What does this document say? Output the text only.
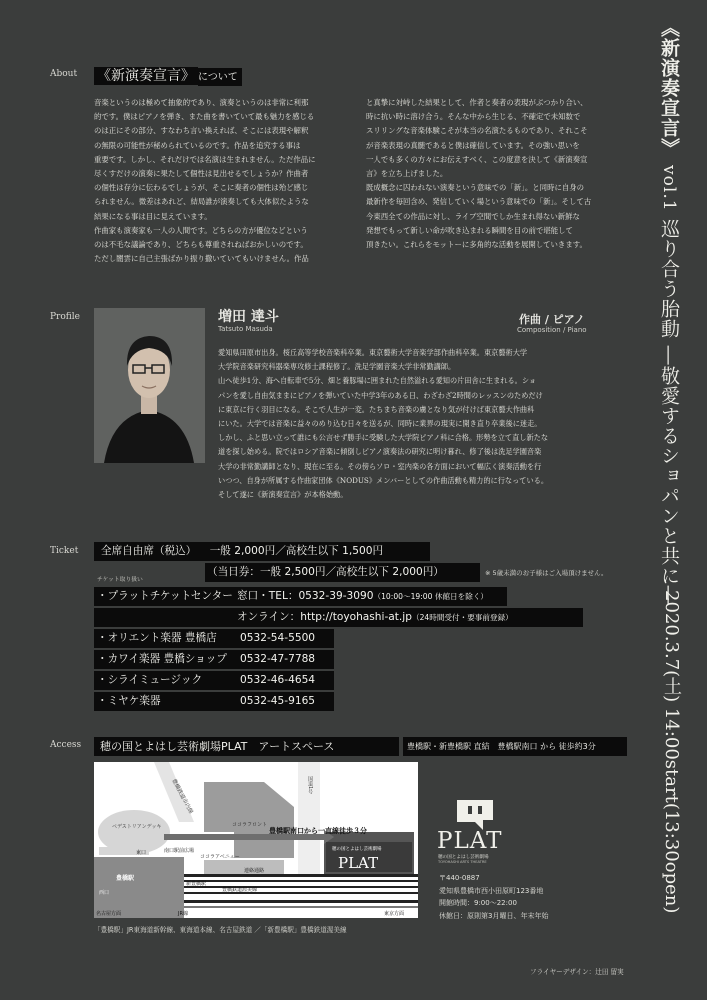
《新演奏宣言》 vol.1 巡り合う胎動 ―敬愛するショパンと共に―
2020.3.7(土) 14:00start(13:30open)
About 《新演奏宣言》 について

音楽というのは極めて抽象的であり、演奏というのは非常に利那

的です。僕はピアノを弾き、また曲を書いていて最も魅力を感じる

のは正にその部分、すなわち言い換えれば、そこには表現や解釈

の無限の可能性が秘められているのです。作品を追究する事は

重要です。しかし、それだけでは名演は生まれません。ただ作品に

尽くすだけの演奏に果たして個性は見出せるでしょうか？作曲者

の個性は存分に伝わるでしょうが、そこに奏者の個性は殆ど感じ

られません。微差はあれど、結局誰が演奏しても大体似たような

結果になる事は目に見えています。

作曲家も演奏家も一人の人間です。どちらの方が優位などという

のは不毛な議論であり、どちらも尊重されねばおかしいのです。

ただし闇雲に自己主張ばかり振り撒いていてもいけません。作品

と真摯に対峙した結果として、作者と奏者の表現がぶつかり合い、

時に抗い時に溶け合う。そんな中から生じる、不確定で未知数で

スリリングな音楽体験こそが本当の名演たるものであり、それこそ

が音楽表現の真髄であると僕は確信しています。その強い思いを

一人でも多くの方々にお伝えすべく、この度意を決して《新演奏宣

言》を立ち上げました。

既成概念に囚われない演奏という意味での「新」。と同時に自身の

最新作を毎回含め、発信していく場という意味での「新」。そして古

今東西全ての作品に対し、ライブ空間でしか生まれ得ない新鮮な

発想でもって新しい命が吹き込まれる瞬間を目の前で堪能して

頂きたい。これらをモットーに多角的な活動を展開していきます。

Profile	増田 達斗
Tatsuto Masuda
作曲 / ピアノ
Composition / Piano

愛知県田原市出身。桜丘高等学校音楽科卒業。東京藝術大学音楽学部作曲科卒業。東京藝術大学

大学院音楽研究科器楽専攻修士課程修了。洗足学園音楽大学非常勤講師。

山へ徒歩1分、海へ自転車で5分、畑と養豚場に囲まれた自然溢れる愛知の片田舎に生まれる。ショ

パンを愛し自由気ままにピアノを弾いていた中学3年のある日、わざわざ2時間のレッスンのためだけ

に東京に行く羽目になる。そこで人生が一変。たちまち音楽の虜となり気が付けば東京藝大作曲科

にいた。大学では音楽に益々のめり込む日々を送るが、同時に業界の現実に開き直り卒業後に迷走。

しかし、ふと思い立って誰にも公言せず勝手に受験した大学院ピアノ科に合格。形勢を立て直し新たな

道を探し始める。院ではロシア音楽に傾倒しピアノ演奏法の研究に明け暮れ、修了後は洗足学園音楽

大学の非常勤講師となり、現在に至る。その傍らソロ・室内楽の各方面において幅広く演奏活動を行

いつつ、自身が所属する作曲家団体《NODUS》メンバーとしての作曲活動も精力的に行なっている。

そして遂に《新演奏宣言》が本格始動。

Ticket	全席自由席（税込） 一般 2,000円／高校生以下 1,500円
（当日券：一般 2,500円／高校生以下 2,000円）	※ 5歳未満のお子様はご入場頂けません。
チケット取り扱い
・プラットチケットセンター 窓口・TEL：0532-39-3090（10:00〜19:00 休館日を除く）
オンライン：http://toyohashi-at.jp（24時間受付・要事前登録）
・オリエント楽器 豊橋店 0532-54-5500
・カワイ楽器 豊橋ショップ 0532-47-7788
・シライミュージック	0532-46-4654
・ミヤケ楽器	0532-45-9165
Access	穂の国とよはし芸術劇場PLAT　アートスペース	豊橋駅・新豊橋駅 直結　豊橋駅南口 から 徒歩約3分
豊橋鉄道市内線
ペデストリアンデッキ	ココラフロント
国道1号
東口	南口駅前広場
ココラアベニュー
連絡通路
新豊橋駅
豊橋鉄道渥美線
豊橋駅
西口
JR線
名古屋方面	東京方面
豊橋駅南口から一直線徒歩３分
穂の国とよはし芸術劇場
PLAT
「豊橋駅」JR東海道新幹線、東海道本線、名古屋鉄道 ／「新豊橋駅」豊橋鉄道渥美線
PLAT
穂の国とよはし芸術劇場
TOYOHASHI ARTS THEATRE
〒440-0887
愛知県豊橋市西小田原町123番地
開館時間：9:00〜22:00
休館日：原則第3月曜日、年末年始
フライヤーデザイン：辻田 留実
